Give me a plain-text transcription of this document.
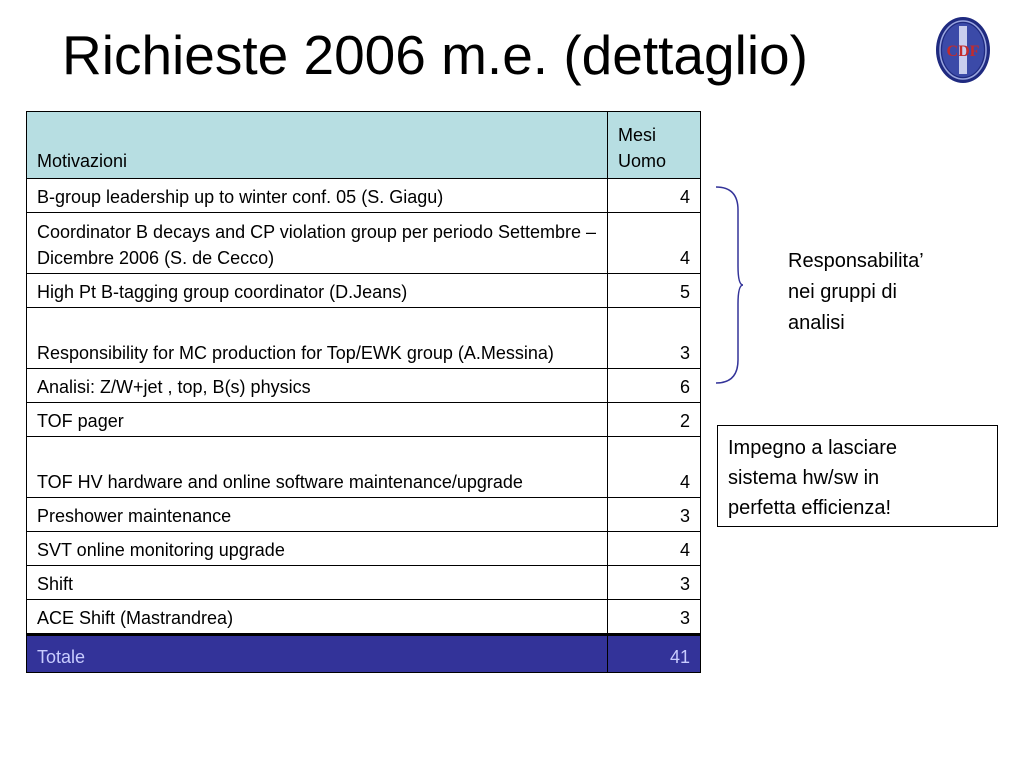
Richieste 2006 m.e. (dettaglio)	CDF
Motivazioni	Mesi
Uomo
B-group leadership up to winter conf. 05 (S. Giagu)	4
Coordinator B decays and CP violation group per periodo Settembre – Dicembre 2006 (S. de Cecco)	4
High Pt B-tagging group coordinator (D.Jeans)	5
Responsibility for MC production for Top/EWK group (A.Messina)	3
Analisi: Z/W+jet , top, B(s) physics	6
TOF pager	2
TOF HV hardware and online software maintenance/upgrade	4
Preshower maintenance	3
SVT online monitoring upgrade	4
Shift	3
ACE Shift (Mastrandrea)	3
Totale	41
Responsabilita’
nei gruppi di
analisi
Impegno a lasciare
sistema hw/sw in
perfetta efficienza!
